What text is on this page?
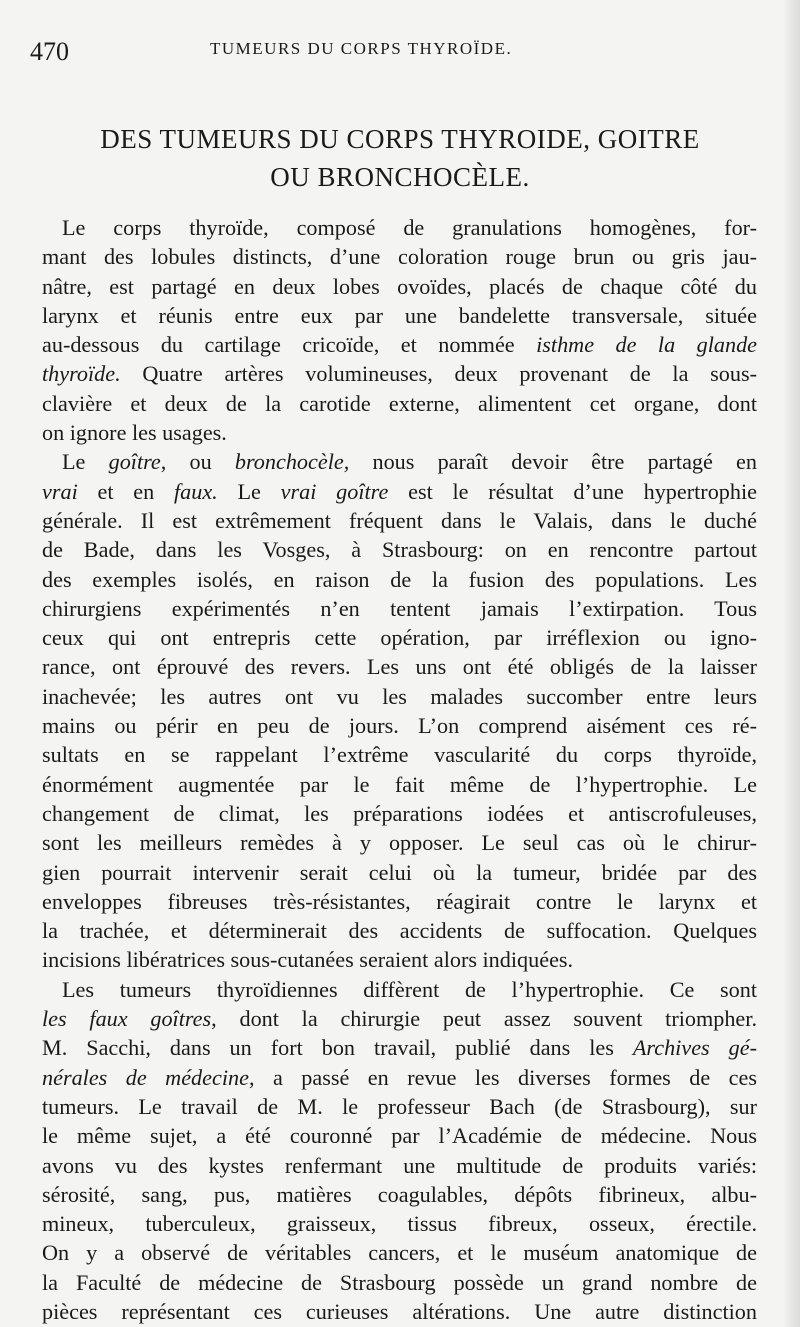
470	TUMEURS DU CORPS THYROÏDE.
DES TUMEURS DU CORPS THYROIDE, GOITRE
OU BRONCHOCÈLE.
Le corps thyroïde, composé de granulations homogènes, for-
mant des lobules distincts, d’une coloration rouge brun ou gris jau-
nâtre, est partagé en deux lobes ovoïdes, placés de chaque côté du
larynx et réunis entre eux par une bandelette transversale, située
au-dessous du cartilage cricoïde, et nommée isthme de la glande
thyroïde. Quatre artères volumineuses, deux provenant de la sous-
clavière et deux de la carotide externe, alimentent cet organe, dont
on ignore les usages.
Le goître, ou bronchocèle, nous paraît devoir être partagé en
vrai et en faux. Le vrai goître est le résultat d’une hypertrophie
générale. Il est extrêmement fréquent dans le Valais, dans le duché
de Bade, dans les Vosges, à Strasbourg: on en rencontre partout
des exemples isolés, en raison de la fusion des populations. Les
chirurgiens expérimentés n’en tentent jamais l’extirpation. Tous
ceux qui ont entrepris cette opération, par irréflexion ou igno-
rance, ont éprouvé des revers. Les uns ont été obligés de la laisser
inachevée; les autres ont vu les malades succomber entre leurs
mains ou périr en peu de jours. L’on comprend aisément ces ré-
sultats en se rappelant l’extrême vascularité du corps thyroïde,
énormément augmentée par le fait même de l’hypertrophie. Le
changement de climat, les préparations iodées et antiscrofuleuses,
sont les meilleurs remèdes à y opposer. Le seul cas où le chirur-
gien pourrait intervenir serait celui où la tumeur, bridée par des
enveloppes fibreuses très-résistantes, réagirait contre le larynx et
la trachée, et déterminerait des accidents de suffocation. Quelques
incisions libératrices sous-cutanées seraient alors indiquées.
Les tumeurs thyroïdiennes diffèrent de l’hypertrophie. Ce sont
les faux goîtres, dont la chirurgie peut assez souvent triompher.
M. Sacchi, dans un fort bon travail, publié dans les Archives gé-
nérales de médecine, a passé en revue les diverses formes de ces
tumeurs. Le travail de M. le professeur Bach (de Strasbourg), sur
le même sujet, a été couronné par l’Académie de médecine. Nous
avons vu des kystes renfermant une multitude de produits variés:
sérosité, sang, pus, matières coagulables, dépôts fibrineux, albu-
mineux, tuberculeux, graisseux, tissus fibreux, osseux, érectile.
On y a observé de véritables cancers, et le muséum anatomique de
la Faculté de médecine de Strasbourg possède un grand nombre de
pièces représentant ces curieuses altérations. Une autre distinction
